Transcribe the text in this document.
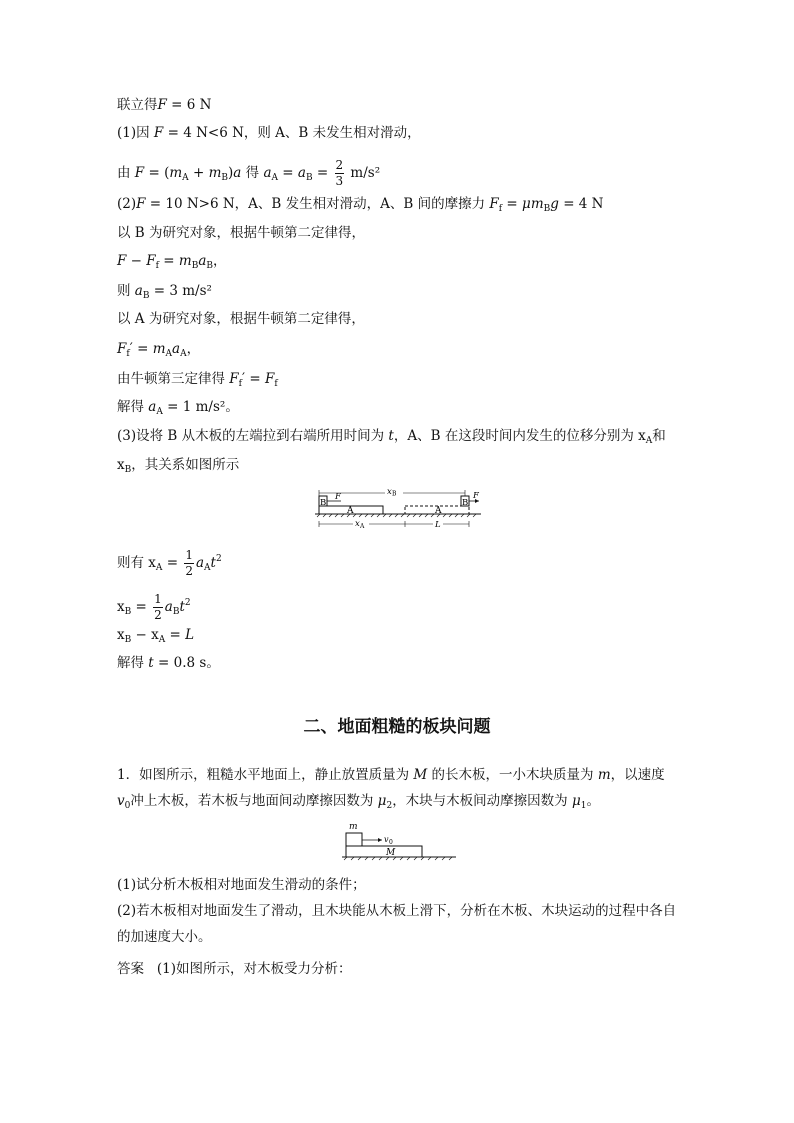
联立得F = 6 N
(1)因 F = 4 N<6 N，则 A、B 未发生相对滑动，
由 $F = (m_A + m_B)a$ 得 $a_A = a_B = \frac{2}{3} m/s^2$
(2)F = 10 N>6 N，A、B 发生相对滑动，A、B 间的摩擦力 $F_f = \mu m_Bg = 4$ N
以 B 为研究对象，根据牛顿第二定律得，
$F - F_f = m_Ba_B$，
则 $a_B = 3$ m/s²
以 A 为研究对象，根据牛顿第二定律得，
$F_f' = m_Aa_A$，
由牛顿第三定律得 $F_f' = F_f$
解得 $a_A = 1$ m/s²。
(3)设将 B 从木板的左端拉到右端所用时间为 t，A、B 在这段时间内发生的位移分别为 $x_A$和
$x_B$，其关系如图所示
A	A
B
F
B
F
x B
x A	L
则有 $x_A = \frac{1}{2} a_At^2$
$x_B = \frac{1}{2} a_Bt^2$
$x_B - x_A = L$
解得 t = 0.8 s。
二、地面粗糙的板块问题
1．如图所示，粗糙水平地面上，静止放置质量为 M 的长木板，一小木块质量为 m，以速度 $v_0$冲上木板，若木板与地面间动摩擦因数为 $\mu_2$，木块与木板间动摩擦因数为 $\mu_1$。
M
m
v 0
(1)试分析木板相对地面发生滑动的条件；
(2)若木板相对地面发生了滑动，且木块能从木板上滑下，分析在木板、木块运动的过程中各自的加速度大小。
答案 (1)如图所示，对木板受力分析：
